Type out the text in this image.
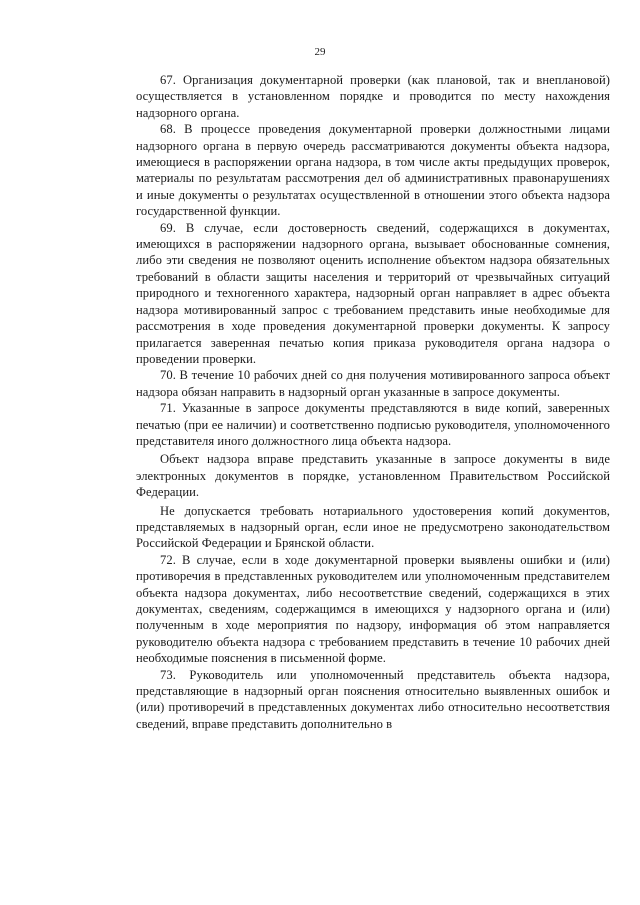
29

67. Организация документарной проверки (как плановой, так и внеплановой) осуществляется в установленном порядке и проводится по месту нахождения надзорного органа.

68. В процессе проведения документарной проверки должностными лицами надзорного органа в первую очередь рассматриваются документы объекта надзора, имеющиеся в распоряжении органа надзора, в том числе акты предыдущих проверок, материалы по результатам рассмотрения дел об административных правонарушениях и иные документы о результатах осуществленной в отношении этого объекта надзора государственной функции.

69. В случае, если достоверность сведений, содержащихся в документах, имеющихся в распоряжении надзорного органа, вызывает обоснованные сомнения, либо эти сведения не позволяют оценить исполнение объектом надзора обязательных требований в области защиты населения и территорий от чрезвычайных ситуаций природного и техногенного характера, надзорный орган направляет в адрес объекта надзора мотивированный запрос с требованием представить иные необходимые для рассмотрения в ходе проведения документарной проверки документы. К запросу прилагается заверенная печатью копия приказа руководителя органа надзора о проведении проверки.

70. В течение 10 рабочих дней со дня получения мотивированного запроса объект надзора обязан направить в надзорный орган указанные в запросе документы.

71. Указанные в запросе документы представляются в виде копий, заверенных печатью (при ее наличии) и соответственно подписью руководителя, уполномоченного представителя иного должностного лица объекта надзора.

Объект надзора вправе представить указанные в запросе документы в виде электронных документов в порядке, установленном Правительством Российской Федерации.

Не допускается требовать нотариального удостоверения копий документов, представляемых в надзорный орган, если иное не предусмотрено законодательством Российской Федерации и Брянской области.

72. В случае, если в ходе документарной проверки выявлены ошибки и (или) противоречия в представленных руководителем или уполномоченным представителем объекта надзора документах, либо несоответствие сведений, содержащихся в этих документах, сведениям, содержащимся в имеющихся у надзорного органа и (или) полученным в ходе мероприятия по надзору, информация об этом направляется руководителю объекта надзора с требованием представить в течение 10 рабочих дней необходимые пояснения в письменной форме.

73. Руководитель или уполномоченный представитель объекта надзора, представляющие в надзорный орган пояснения относительно выявленных ошибок и (или) противоречий в представленных документах либо относительно несоответствия сведений, вправе представить дополнительно в
